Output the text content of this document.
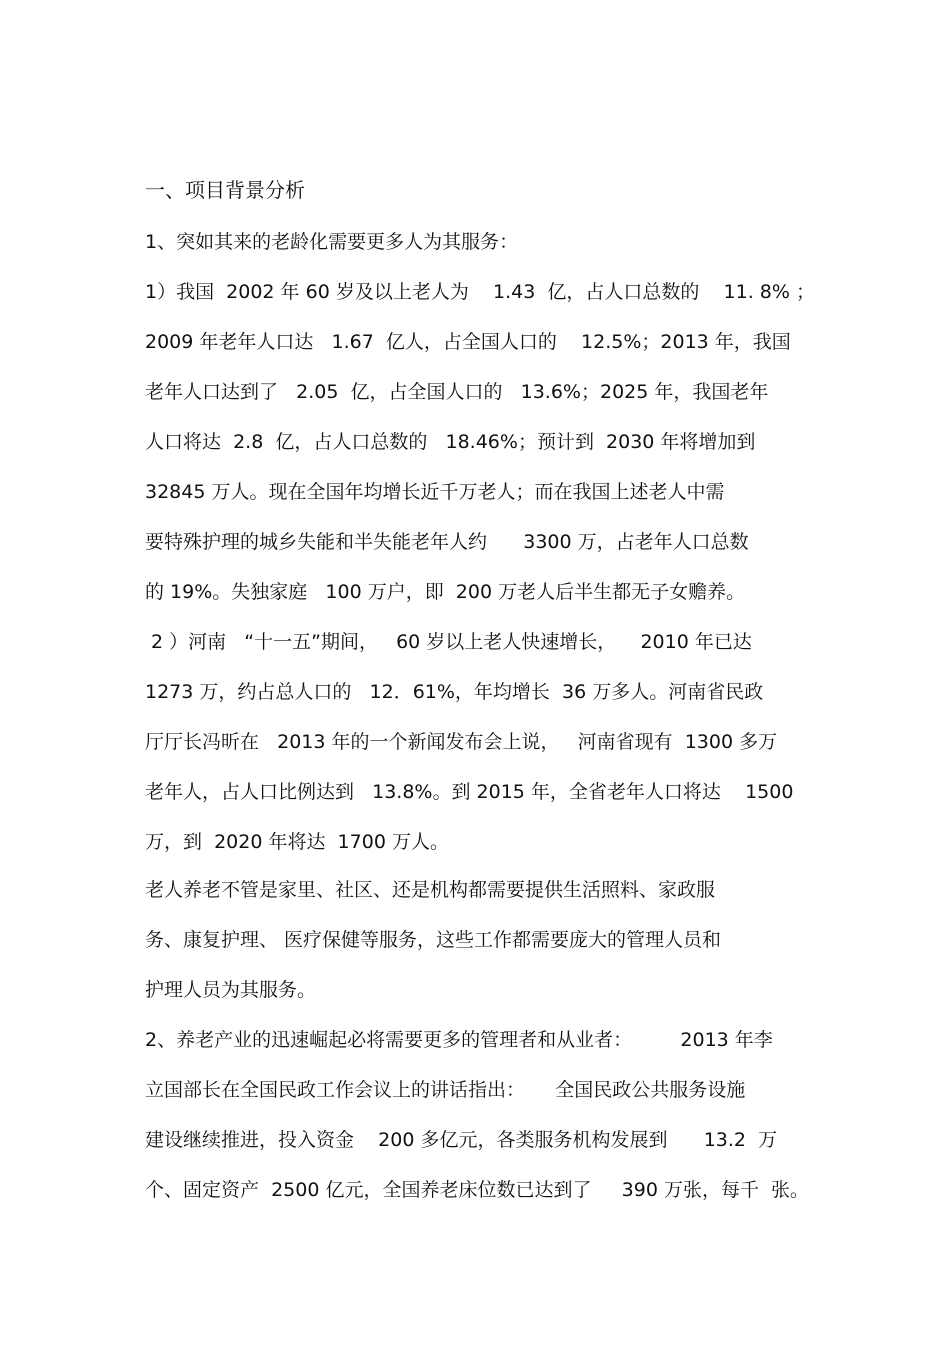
一、项目背景分析
1、突如其来的老龄化需要更多人为其服务：
1）我国  2002 年 60 岁及以上老人为    1.43  亿，占人口总数的    11. 8% ；
2009 年老年人口达   1.67  亿人，占全国人口的    12.5%；2013 年，我国
老年人口达到了   2.05  亿，占全国人口的   13.6%；2025 年，我国老年
人口将达  2.8  亿，占人口总数的   18.46%；预计到  2030 年将增加到
32845 万人。现在全国年均增长近千万老人；而在我国上述老人中需
要特殊护理的城乡失能和半失能老年人约      3300 万，占老年人口总数
的 19%。失独家庭   100 万户，即  200 万老人后半生都无子女赡养。
2 ）河南   “十一五”期间，   60 岁以上老人快速增长，    2010 年已达
1273 万，约占总人口的   12．61%，年均增长  36 万多人。河南省民政
厅厅长冯昕在   2013 年的一个新闻发布会上说，   河南省现有  1300 多万
老年人，占人口比例达到   13.8%。到 2015 年，全省老年人口将达    1500
万，到  2020 年将达  1700 万人。
老人养老不管是家里、社区、还是机构都需要提供生活照料、家政服
务、康复护理、 医疗保健等服务，这些工作都需要庞大的管理人员和
护理人员为其服务。
2、养老产业的迅速崛起必将需要更多的管理者和从业者：        2013 年李
立国部长在全国民政工作会议上的讲话指出：     全国民政公共服务设施
建设继续推进，投入资金    200 多亿元，各类服务机构发展到      13.2  万
个、固定资产  2500 亿元，全国养老床位数已达到了     390 万张，每千  张。
